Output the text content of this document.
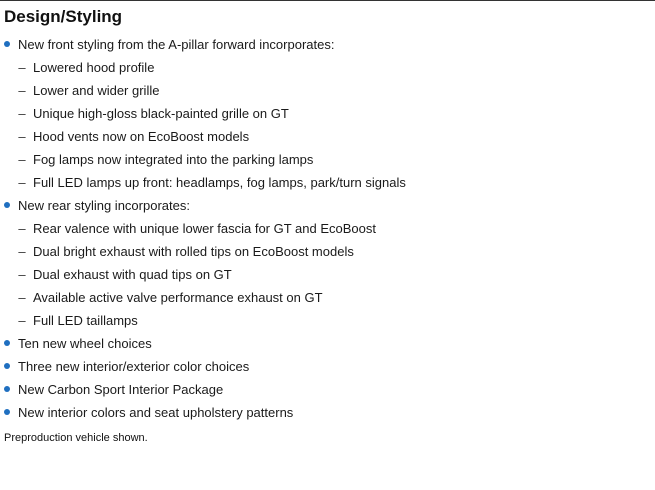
Design/Styling
New front styling from the A-pillar forward incorporates:
– Lowered hood profile
– Lower and wider grille
– Unique high-gloss black-painted grille on GT
– Hood vents now on EcoBoost models
– Fog lamps now integrated into the parking lamps
– Full LED lamps up front: headlamps, fog lamps, park/turn signals
New rear styling incorporates:
– Rear valence with unique lower fascia for GT and EcoBoost
– Dual bright exhaust with rolled tips on EcoBoost models
– Dual exhaust with quad tips on GT
– Available active valve performance exhaust on GT
– Full LED taillamps
Ten new wheel choices
Three new interior/exterior color choices
New Carbon Sport Interior Package
New interior colors and seat upholstery patterns

Preproduction vehicle shown.
